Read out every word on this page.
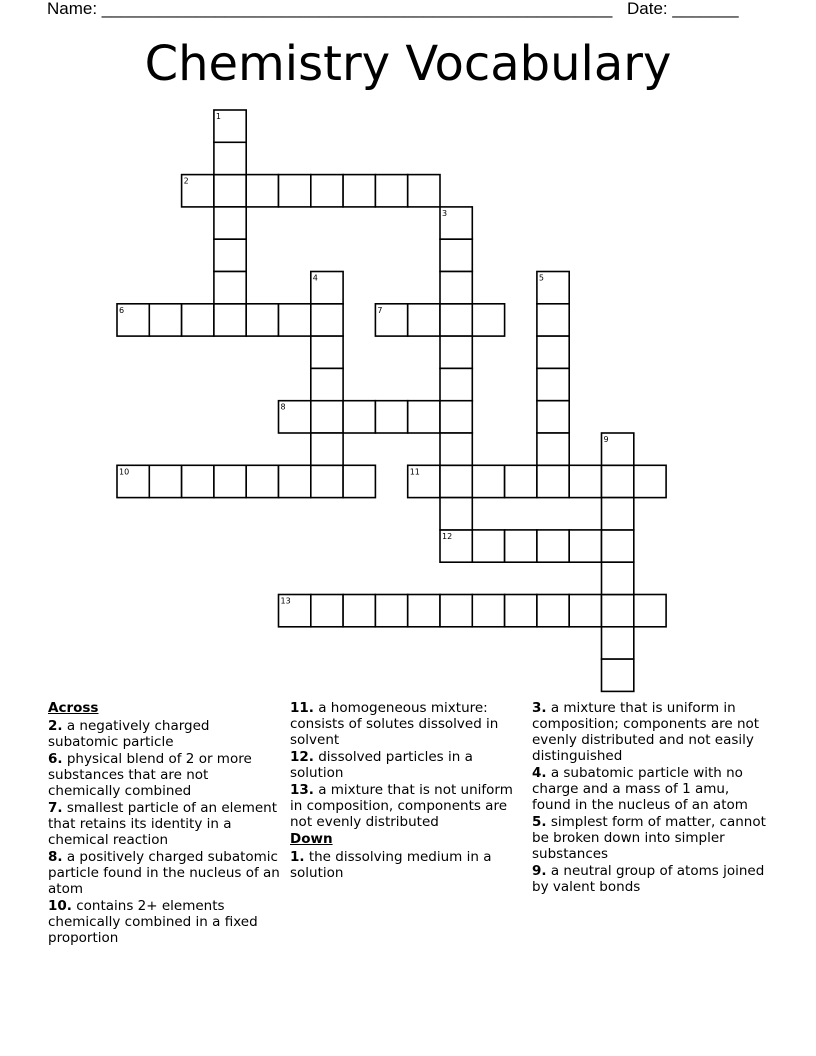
Name: ______________________________________________________ Date: _______
Chemistry Vocabulary
1
2
3
4	5
6	7
8
9
10	11
12
13
Across
2. a negatively charged subatomic particle
6. physical blend of 2 or more substances that are not chemically combined
7. smallest particle of an element that retains its identity in a chemical reaction
8. a positively charged subatomic particle found in the nucleus of an atom
10. contains 2+ elements chemically combined in a fixed proportion
11. a homogeneous mixture: consists of solutes dissolved in solvent
12. dissolved particles in a solution
13. a mixture that is not uniform in composition, components are not evenly distributed
Down
1. the dissolving medium in a solution
3. a mixture that is uniform in composition; components are not evenly distributed and not easily distinguished
4. a subatomic particle with no charge and a mass of 1 amu, found in the nucleus of an atom
5. simplest form of matter, cannot be broken down into simpler substances
9. a neutral group of atoms joined by valent bonds
